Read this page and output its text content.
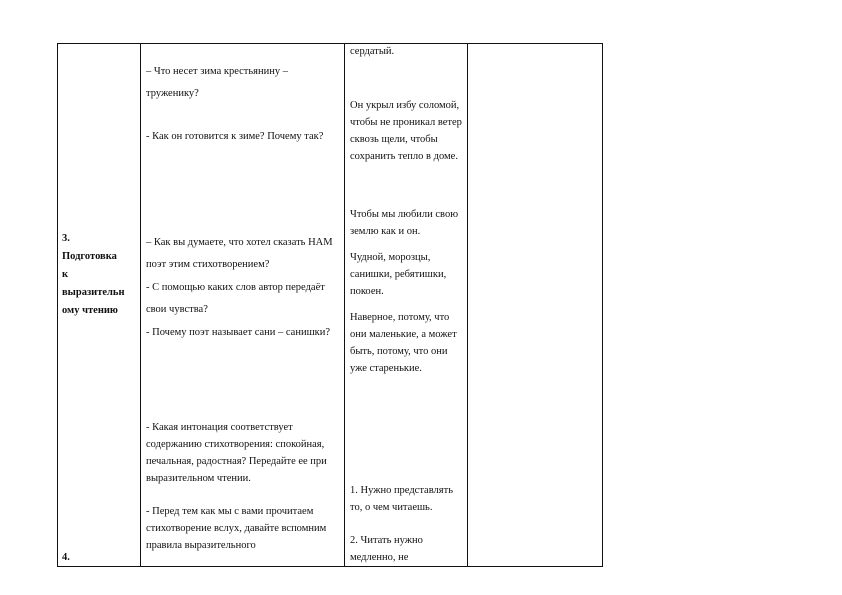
3.

Подготовка

к

выразительн

ому чтению

4.
– Что несет зима крестьянину – труженику?
- Как он готовится к зиме? Почему так?
– Как вы думаете, что хотел сказать НАМ поэт этим стихотворением?
- С помощью каких слов автор передаёт свои чувства?
- Почему поэт называет сани – санишки?
- Какая интонация соответствует содержанию стихотворения: спокойная, печальная, радостная? Передайте ее при выразительном чтении.
- Перед тем как мы с вами прочитаем стихотворение вслух, давайте вспомним правила выразительного
сердатый.
Он укрыл избу соломой, чтобы не проникал ветер сквозь щели, чтобы сохранить тепло в доме.
Чтобы мы любили свою землю как и он.
Чудной, морозцы, санишки, ребятишки, покоен.
Наверное, потому, что они маленькие, а может быть, потому, что они уже старенькие.
1. Нужно представлять то, о чем читаешь.
2. Читать нужно медленно, не
